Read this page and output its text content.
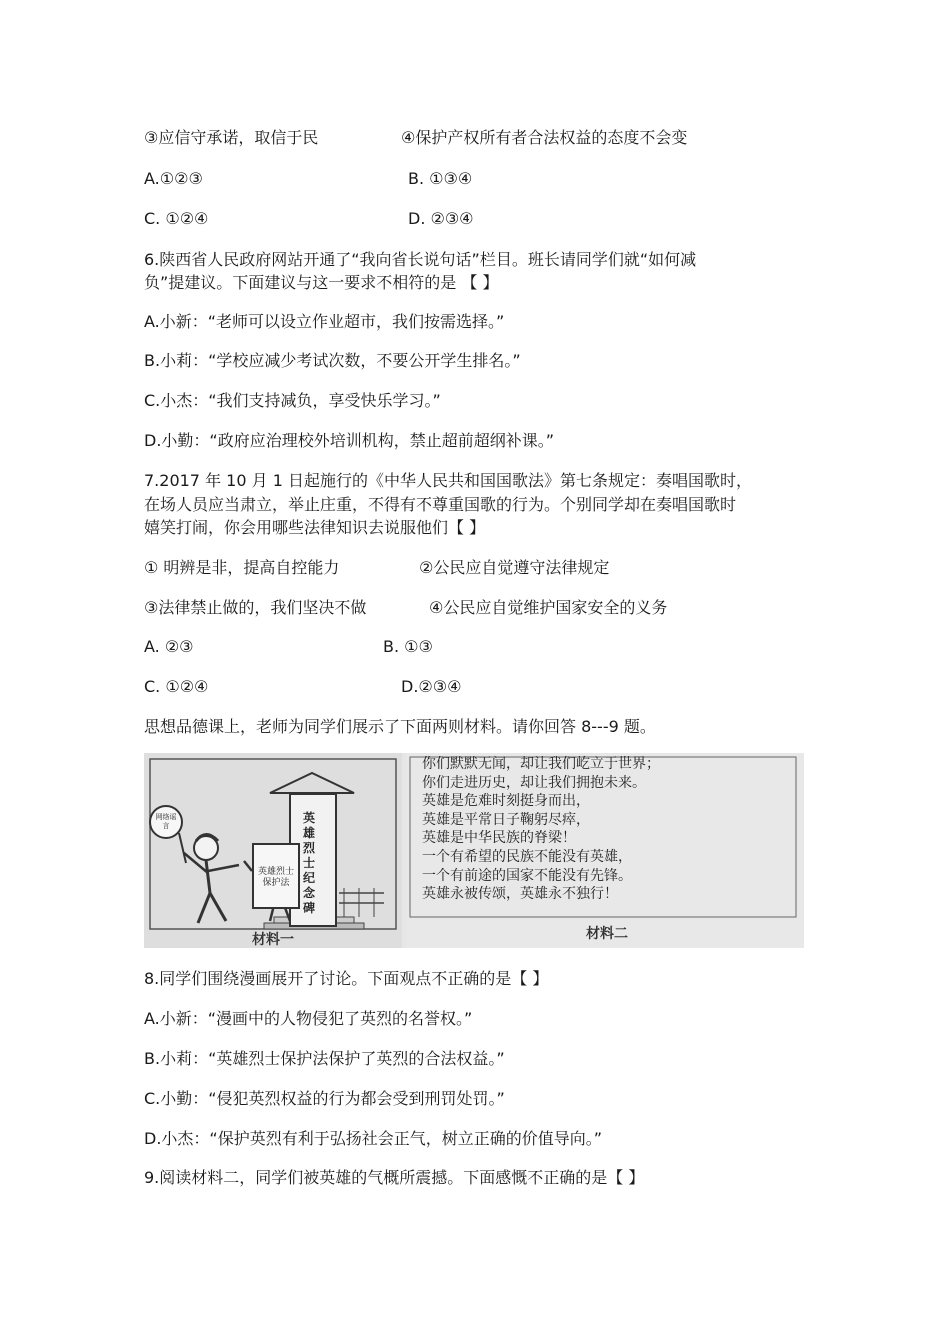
③应信守承诺，取信于民	④保护产权所有者合法权益的态度不会变
A.①②③	B. ①③④
C. ①②④	D. ②③④
6.陕西省人民政府网站开通了“我向省长说句话”栏目。班长请同学们就“如何减
负”提建议。下面建议与这一要求不相符的是 【 】
A.小新：“老师可以设立作业超市，我们按需选择。”
B.小莉：“学校应减少考试次数，不要公开学生排名。”
C.小杰：“我们支持减负，享受快乐学习。”
D.小勤：“政府应治理校外培训机构，禁止超前超纲补课。”
7.2017 年 10 月 1 日起施行的《中华人民共和国国歌法》第七条规定：奏唱国歌时，
在场人员应当肃立，举止庄重，不得有不尊重国歌的行为。个别同学却在奏唱国歌时
嬉笑打闹，你会用哪些法律知识去说服他们【 】
① 明辨是非，提高自控能力	②公民应自觉遵守法律规定
③法律禁止做的，我们坚决不做	④公民应自觉维护国家安全的义务
A. ②③	B. ①③
C. ①②④	D.②③④
思想品德课上，老师为同学们展示了下面两则材料。请你回答 8---9 题。
英雄烈士纪念碑
英雄烈士保护法
网络谣言
材料一
你们默默无闻，却让我们屹立于世界；
你们走进历史，却让我们拥抱未来。
英雄是危难时刻挺身而出，
英雄是平常日子鞠躬尽瘁，
英雄是中华民族的脊梁！
一个有希望的民族不能没有英雄，
一个有前途的国家不能没有先锋。
英雄永被传颂，英雄永不独行！
材料二
8.同学们围绕漫画展开了讨论。下面观点不正确的是【 】
A.小新：“漫画中的人物侵犯了英烈的名誉权。”
B.小莉：“英雄烈士保护法保护了英烈的合法权益。”
C.小勤：“侵犯英烈权益的行为都会受到刑罚处罚。”
D.小杰：“保护英烈有利于弘扬社会正气，树立正确的价值导向。”
9.阅读材料二，同学们被英雄的气概所震撼。下面感慨不正确的是【 】
